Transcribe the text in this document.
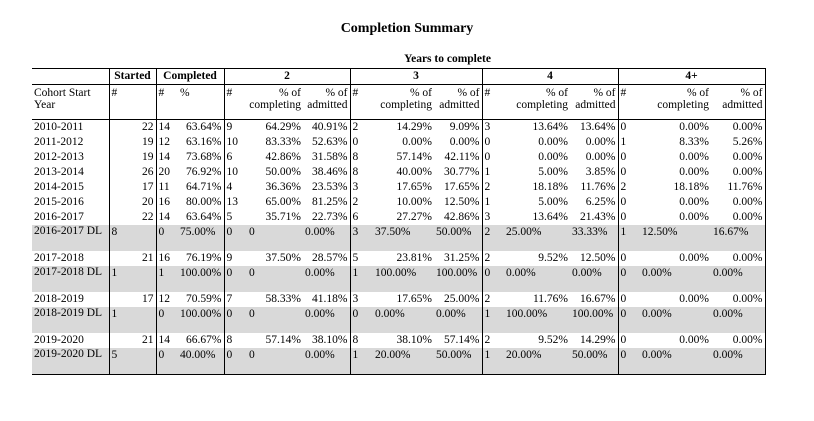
Completion Summary
Years to complete
	Started	Completed		2			3			4			4+		
Cohort Start Year	#	#	%	#	% of completing	% of admitted	#	% of completing	% of admitted	#	% of completing	% of admitted	#	% of completing	% of admitted
2010-2011	22	14	63.64%	9	64.29%	40.91%	2	14.29%	9.09%	3	13.64%	13.64%	0	0.00%	0.00%
2011-2012	19	12	63.16%	10	83.33%	52.63%	0	0.00%	0.00%	0	0.00%	0.00%	1	8.33%	5.26%
2012-2013	19	14	73.68%	6	42.86%	31.58%	8	57.14%	42.11%	0	0.00%	0.00%	0	0.00%	0.00%
2013-2014	26	20	76.92%	10	50.00%	38.46%	8	40.00%	30.77%	1	5.00%	3.85%	0	0.00%	0.00%
2014-2015	17	11	64.71%	4	36.36%	23.53%	3	17.65%	17.65%	2	18.18%	11.76%	2	18.18%	11.76%
2015-2016	20	16	80.00%	13	65.00%	81.25%	2	10.00%	12.50%	1	5.00%	6.25%	0	0.00%	0.00%
2016-2017	22	14	63.64%	5	35.71%	22.73%	6	27.27%	42.86%	3	13.64%	21.43%	0	0.00%	0.00%
2016-2017 DL	8	0	75.00%	0	0	0.00%	3	37.50%	50.00%	2	25.00%	33.33%	1	12.50%	16.67%
2017-2018	21	16	76.19%	9	37.50%	28.57%	5	23.81%	31.25%	2	9.52%	12.50%	0	0.00%	0.00%
2017-2018 DL	1	1	100.00%	0	0	0.00%	1	100.00%	100.00%	0	0.00%	0.00%	0	0.00%	0.00%
2018-2019	17	12	70.59%	7	58.33%	41.18%	3	17.65%	25.00%	2	11.76%	16.67%	0	0.00%	0.00%
2018-2019 DL	1	0	100.00%	0	0	0.00%	0	0.00%	0.00%	1	100.00%	100.00%	0	0.00%	0.00%
2019-2020	21	14	66.67%	8	57.14%	38.10%	8	38.10%	57.14%	2	9.52%	14.29%	0	0.00%	0.00%
2019-2020 DL	5	0	40.00%	0	0	0.00%	1	20.00%	50.00%	1	20.00%	50.00%	0	0.00%	0.00%
